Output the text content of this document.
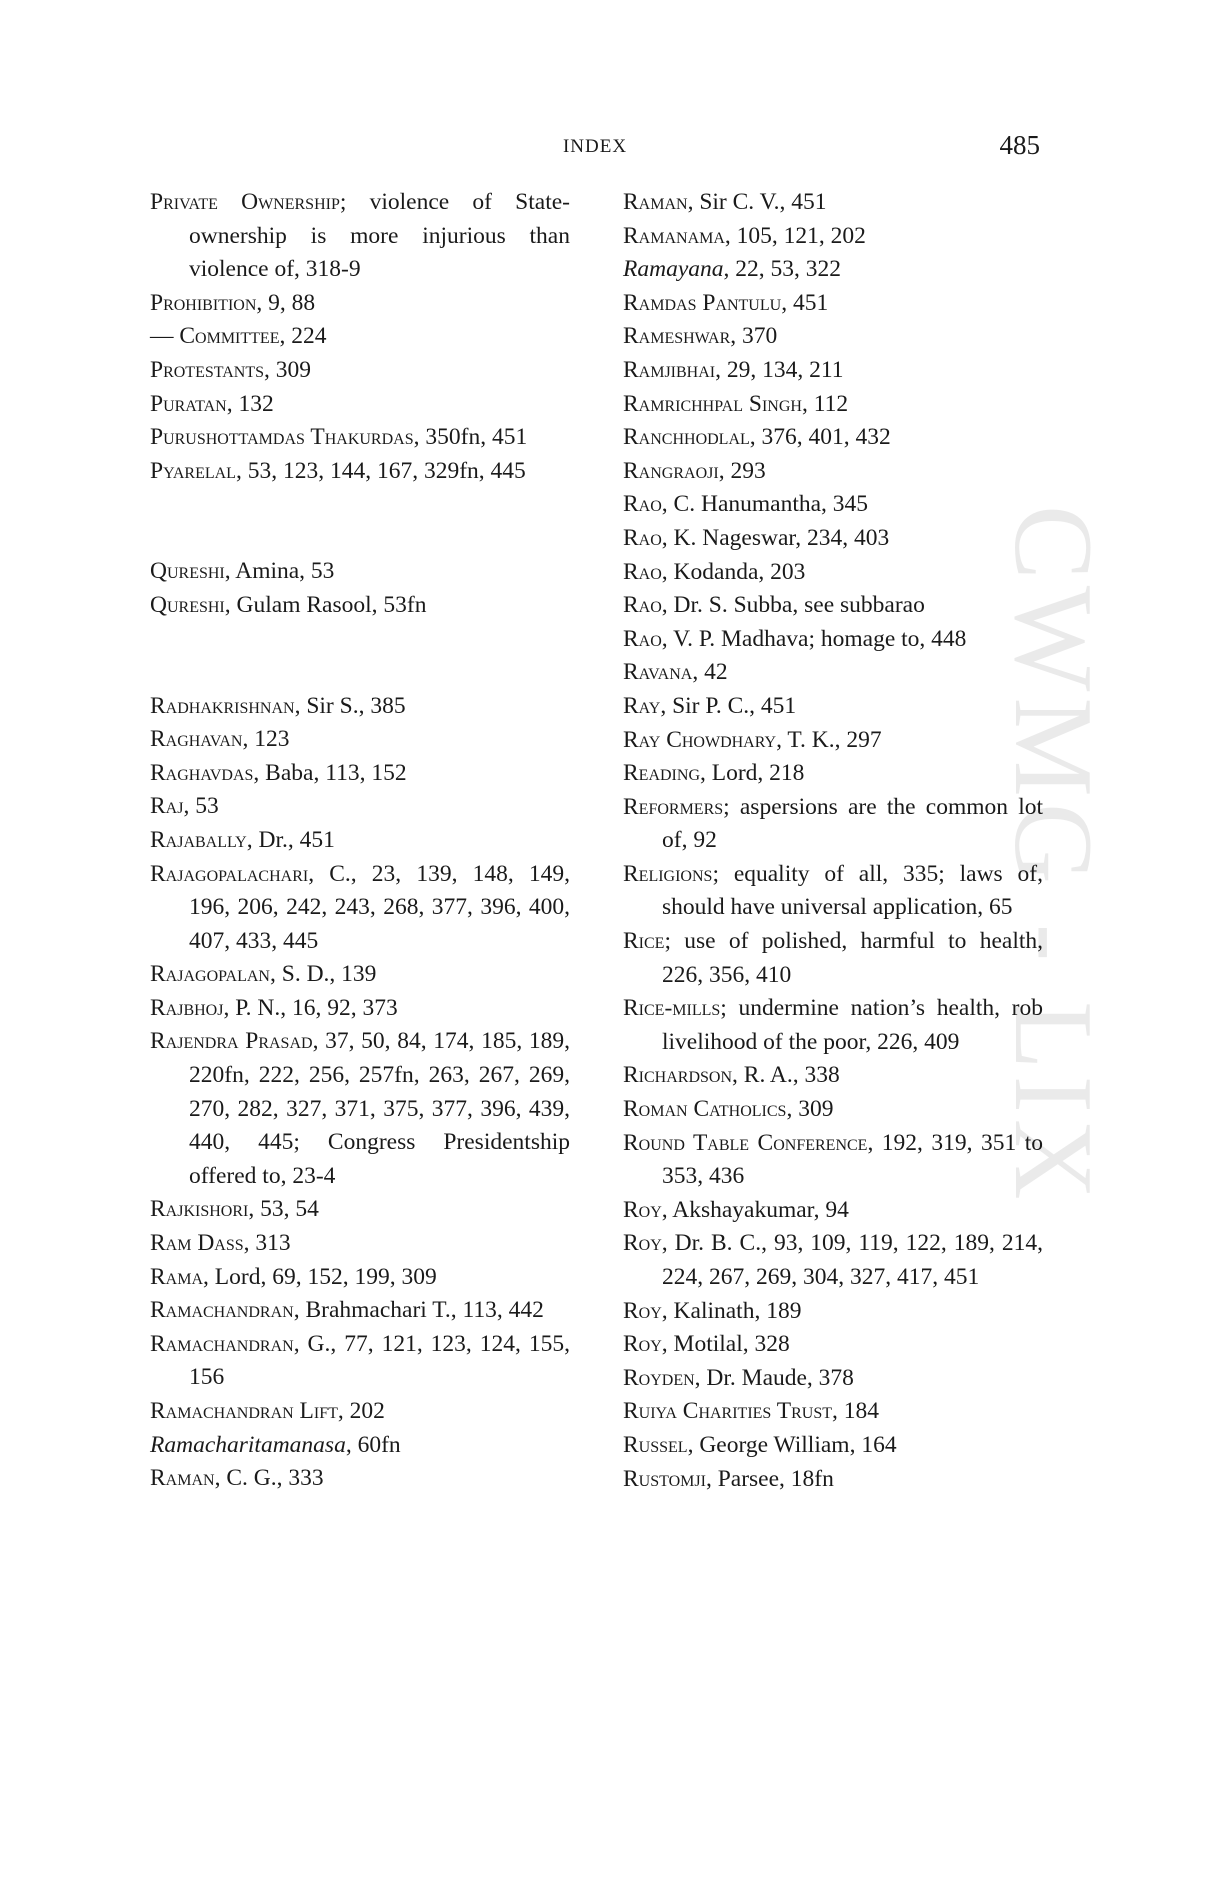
INDEX	485
CWMG - LIX
Private Ownership; violence of State-ownership is more injurious than violence of, 318-9
Prohibition, 9, 88
— Committee, 224
Protestants, 309
Puratan, 132
Purushottamdas Thakurdas, 350fn, 451
Pyarelal, 53, 123, 144, 167, 329fn, 445
Qureshi, Amina, 53
Qureshi, Gulam Rasool, 53fn
Radhakrishnan, Sir S., 385
Raghavan, 123
Raghavdas, Baba, 113, 152
Raj, 53
Rajabally, Dr., 451
Rajagopalachari, C., 23, 139, 148, 149, 196, 206, 242, 243, 268, 377, 396, 400, 407, 433, 445
Rajagopalan, S. D., 139
Rajbhoj, P. N., 16, 92, 373
Rajendra Prasad, 37, 50, 84, 174, 185, 189, 220fn, 222, 256, 257fn, 263, 267, 269, 270, 282, 327, 371, 375, 377, 396, 439, 440, 445; Congress Presidentship offered to, 23-4
Rajkishori, 53, 54
Ram Dass, 313
Rama, Lord, 69, 152, 199, 309
Ramachandran, Brahmachari T., 113, 442
Ramachandran, G., 77, 121, 123, 124, 155, 156
Ramachandran Lift, 202
Ramacharitamanasa, 60fn
Raman, C. G., 333
Raman, Sir C. V., 451
Ramanama, 105, 121, 202
Ramayana, 22, 53, 322
Ramdas Pantulu, 451
Rameshwar, 370
Ramjibhai, 29, 134, 211
Ramrichhpal Singh, 112
Ranchhodlal, 376, 401, 432
Rangraoji, 293
Rao, C. Hanumantha, 345
Rao, K. Nageswar, 234, 403
Rao, Kodanda, 203
Rao, Dr. S. Subba, see subbarao
Rao, V. P. Madhava; homage to, 448
Ravana, 42
Ray, Sir P. C., 451
Ray Chowdhary, T. K., 297
Reading, Lord, 218
Reformers; aspersions are the common lot of, 92
Religions; equality of all, 335; laws of, should have universal application, 65
Rice; use of polished, harmful to health, 226, 356, 410
Rice-mills; undermine nation’s health, rob livelihood of the poor, 226, 409
Richardson, R. A., 338
Roman Catholics, 309
Round Table Conference, 192, 319, 351 to 353, 436
Roy, Akshayakumar, 94
Roy, Dr. B. C., 93, 109, 119, 122, 189, 214, 224, 267, 269, 304, 327, 417, 451
Roy, Kalinath, 189
Roy, Motilal, 328
Royden, Dr. Maude, 378
Ruiya Charities Trust, 184
Russel, George William, 164
Rustomji, Parsee, 18fn
